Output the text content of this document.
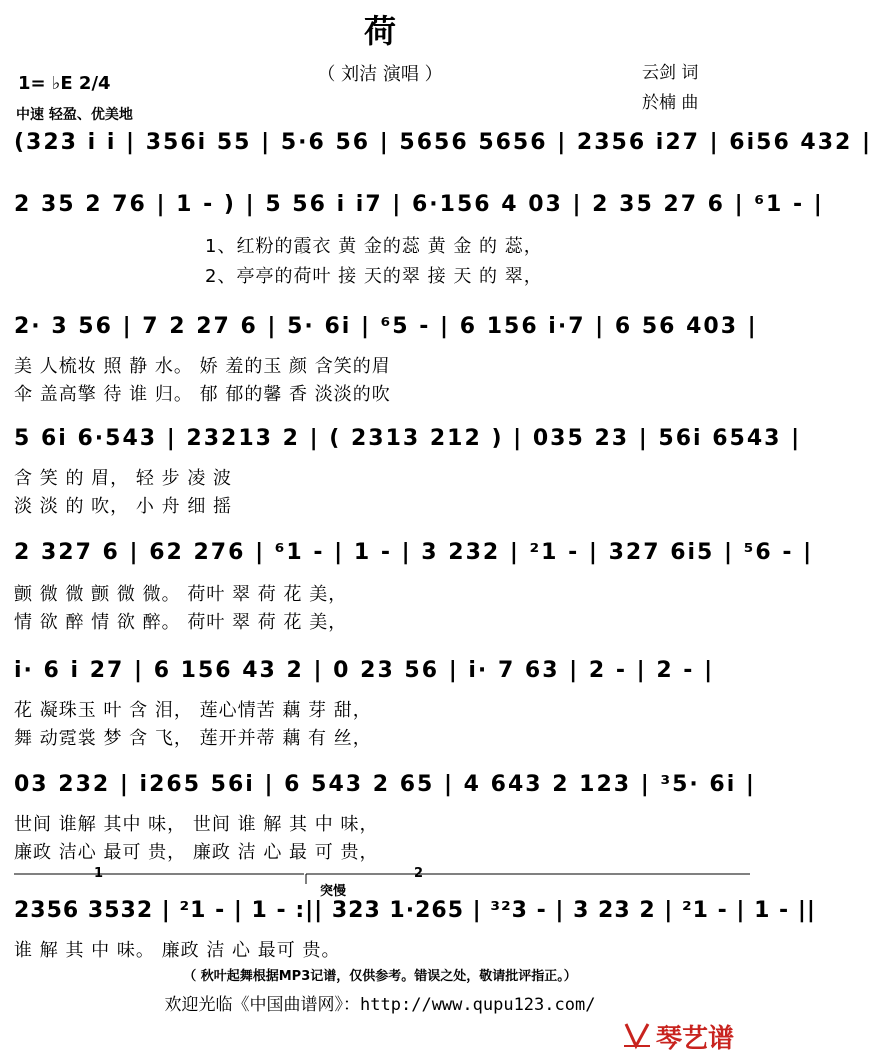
荷
（ 刘洁 演唱 ）	云剑 词
於楠 曲
1= ♭E 2/4
中速 轻盈、优美地
(323 i i | 356i 55 | 5·6 56 | 5656 5656 | 2356 i27 | 6i56 432 |
2 35 2 76 | 1 - ) | 5 56 i i7 | 6·156 4 03 | 2 35 27 6 | ⁶1 - |
1、红粉的霞衣 黄 金的蕊 黄 金 的 蕊，
2、亭亭的荷叶 接 天的翠 接 天 的 翠，
2· 3 56 | 7 2 27 6 | 5· 6i | ⁶5 - | 6 156 i·7 | 6 56 403 |
美 人梳妆 照 静 水。 娇 羞的玉 颜 含笑的眉
伞 盖高擎 待 谁 归。 郁 郁的馨 香 淡淡的吹
5 6i 6·543 | 23213 2 | ( 2313 212 ) | 035 23 | 56i 6543 |
含 笑 的 眉， 轻 步 凌 波
淡 淡 的 吹， 小 舟 细 摇
2 327 6 | 62 276 | ⁶1 - | 1 - | 3 232 | ²1 - | 327 6i5 | ⁵6 - |
颤 微 微 颤 微 微。 荷叶 翠 荷 花 美，
情 欲 醉 情 欲 醉。 荷叶 翠 荷 花 美，
i· 6 i 27 | 6 156 43 2 | 0 23 56 | i· 7 63 | 2 - | 2 - |
花 凝珠玉 叶 含 泪， 莲心情苦 藕 芽 甜，
舞 动霓裳 梦 含 飞， 莲开并蒂 藕 有 丝，
03 232 | i265 56i | 6 543 2 65 | 4 643 2 123 | ³5· 6i |
世间 谁解 其中 味， 世间 谁 解 其 中 味，
廉政 洁心 最可 贵， 廉政 洁 心 最 可 贵，
1	2
突慢
2356 3532 | ²1 - | 1 - :|| 323 1·265 | ³²3 - | 3 23 2 | ²1 - | 1 - ||
谁 解 其 中 味。 廉政 洁 心 最可 贵。
（ 秋叶起舞根据MP3记谱，仅供参考。错误之处，敬请批评指正。）
欢迎光临《中国曲谱网》：http://www.qupu123.com/
琴艺谱
